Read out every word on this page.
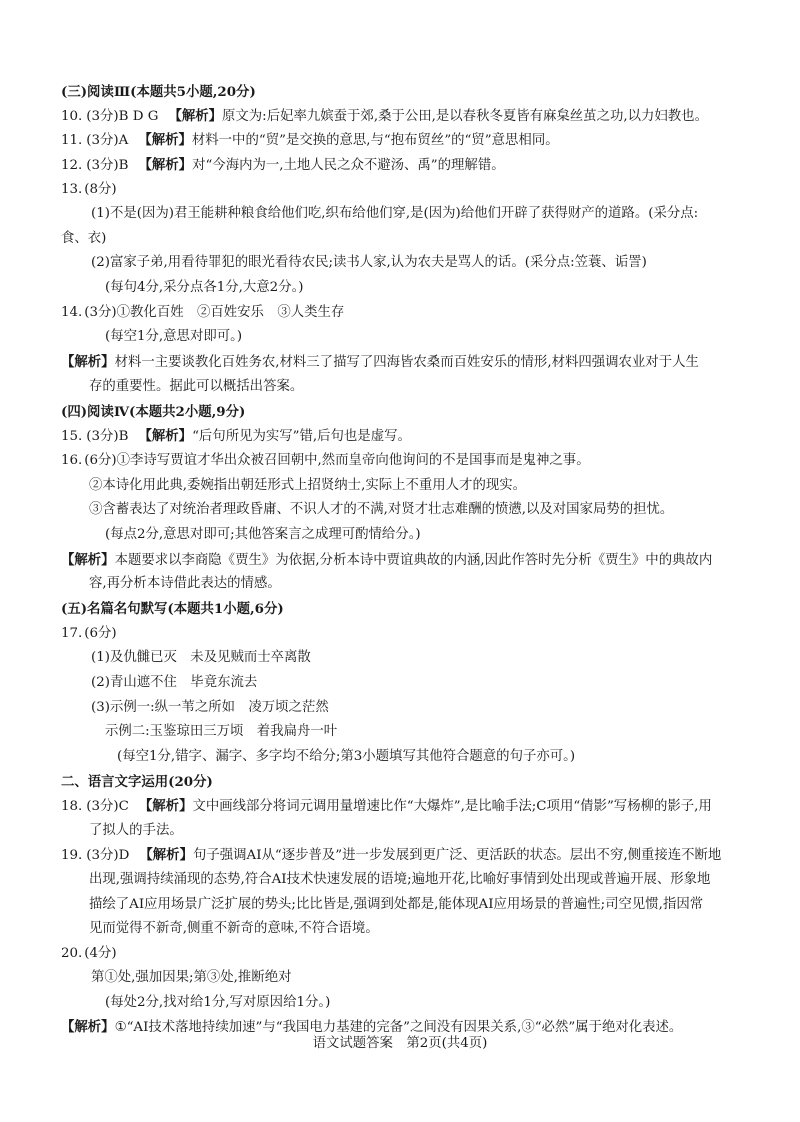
(三)阅读Ⅲ(本题共5小题,20分)
10. (3分)B D G 【解析】原文为:后妃率九嫔蚕于郊,桑于公田,是以春秋冬夏皆有麻枲丝茧之功,以力妇教也。
11. (3分)A 【解析】材料一中的“贸”是交换的意思,与“抱布贸丝”的“贸”意思相同。
12. (3分)B 【解析】对“今海内为一,土地人民之众不避汤、禹”的理解错。
13. (8分)
(1)不是(因为)君王能耕种粮食给他们吃,织布给他们穿,是(因为)给他们开辟了获得财产的道路。(采分点:
食、衣)
(2)富家子弟,用看待罪犯的眼光看待农民;读书人家,认为农夫是骂人的话。(采分点:笠蓑、诟詈)
(每句4分,采分点各1分,大意2分。)
14. (3分)①教化百姓　②百姓安乐　③人类生存
(每空1分,意思对即可。)
【解析】材料一主要谈教化百姓务农,材料三了描写了四海皆农桑而百姓安乐的情形,材料四强调农业对于人生
存的重要性。据此可以概括出答案。
(四)阅读Ⅳ(本题共2小题,9分)
15. (3分)B 【解析】“后句所见为实写”错,后句也是虚写。
16. (6分)①李诗写贾谊才华出众被召回朝中,然而皇帝向他询问的不是国事而是鬼神之事。
②本诗化用此典,委婉指出朝廷形式上招贤纳士,实际上不重用人才的现实。
③含蓄表达了对统治者理政昏庸、不识人才的不满,对贤才壮志难酬的愤懑,以及对国家局势的担忧。
(每点2分,意思对即可;其他答案言之成理可酌情给分。)
【解析】本题要求以李商隐《贾生》为依据,分析本诗中贾谊典故的内涵,因此作答时先分析《贾生》中的典故内
容,再分析本诗借此表达的情感。
(五)名篇名句默写(本题共1小题,6分)
17. (6分)
(1)及仇雠已灭　未及见贼而士卒离散
(2)青山遮不住　毕竟东流去
(3)示例一:纵一苇之所如　凌万顷之茫然
示例二:玉鉴琼田三万顷　着我扁舟一叶
(每空1分,错字、漏字、多字均不给分;第3小题填写其他符合题意的句子亦可。)
二、语言文字运用(20分)
18. (3分)C 【解析】文中画线部分将词元调用量增速比作“大爆炸”,是比喻手法;C项用“倩影”写杨柳的影子,用
了拟人的手法。
19. (3分)D 【解析】句子强调AI从“逐步普及”进一步发展到更广泛、更活跃的状态。层出不穷,侧重接连不断地
出现,强调持续涌现的态势,符合AI技术快速发展的语境;遍地开花,比喻好事情到处出现或普遍开展、形象地
描绘了AI应用场景广泛扩展的势头;比比皆是,强调到处都是,能体现AI应用场景的普遍性;司空见惯,指因常
见而觉得不新奇,侧重不新奇的意味,不符合语境。
20. (4分)
第①处,强加因果;第③处,推断绝对
(每处2分,找对给1分,写对原因给1分。)
【解析】①“AI技术落地持续加速”与“我国电力基建的完备”之间没有因果关系,③“必然”属于绝对化表述。
语文试题答案　第2页(共4页)
